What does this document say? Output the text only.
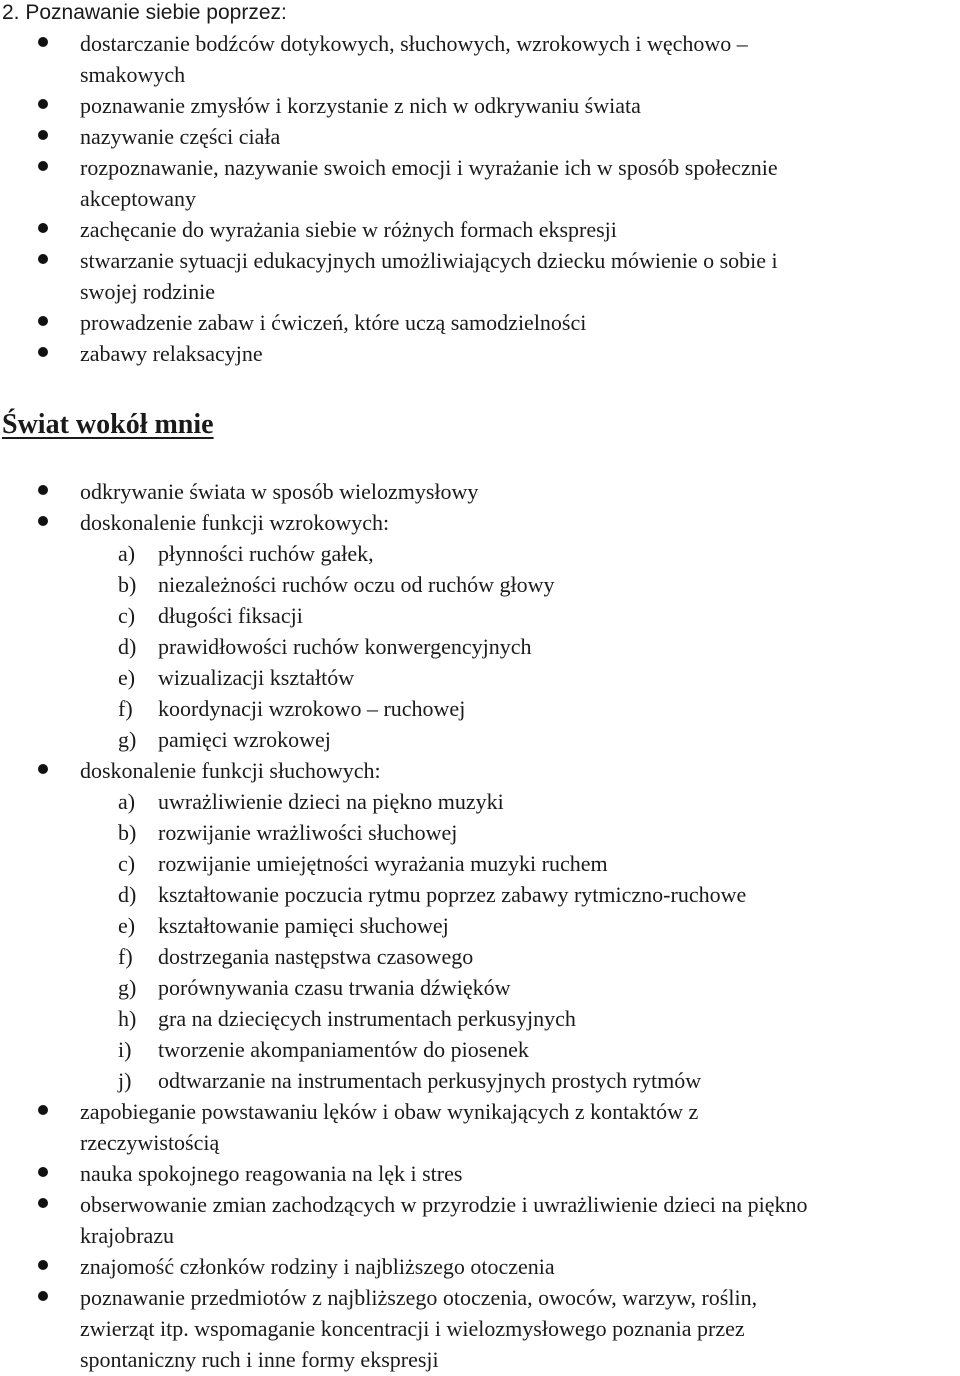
2. Poznawanie siebie poprzez:
dostarczanie bodźców dotykowych, słuchowych, wzrokowych i węchowo –
smakowych
poznawanie zmysłów i korzystanie z nich w odkrywaniu świata
nazywanie części ciała
rozpoznawanie, nazywanie swoich emocji i wyrażanie ich w sposób społecznie
akceptowany
zachęcanie do wyrażania siebie w różnych formach ekspresji
stwarzanie sytuacji edukacyjnych umożliwiających dziecku mówienie o sobie i
swojej rodzinie
prowadzenie zabaw i ćwiczeń, które uczą samodzielności
zabawy relaksacyjne
Świat wokół mnie
odkrywanie świata w sposób wielozmysłowy
doskonalenie funkcji wzrokowych:
a) płynności ruchów gałek,
b) niezależności ruchów oczu od ruchów głowy
c) długości fiksacji
d) prawidłowości ruchów konwergencyjnych
e) wizualizacji kształtów
f) koordynacji wzrokowo – ruchowej
g) pamięci wzrokowej
doskonalenie funkcji słuchowych:
a) uwrażliwienie dzieci na piękno muzyki
b) rozwijanie wrażliwości słuchowej
c) rozwijanie umiejętności wyrażania muzyki ruchem
d) kształtowanie poczucia rytmu poprzez zabawy rytmiczno-ruchowe
e) kształtowanie pamięci słuchowej
f) dostrzegania następstwa czasowego
g) porównywania czasu trwania dźwięków
h) gra na dziecięcych instrumentach perkusyjnych
i) tworzenie akompaniamentów do piosenek
j) odtwarzanie na instrumentach perkusyjnych prostych rytmów
zapobieganie powstawaniu lęków i obaw wynikających z kontaktów z
rzeczywistością
nauka spokojnego reagowania na lęk i stres
obserwowanie zmian zachodzących w przyrodzie i uwrażliwienie dzieci na piękno
krajobrazu
znajomość członków rodziny i najbliższego otoczenia
poznawanie przedmiotów z najbliższego otoczenia, owoców, warzyw, roślin,
zwierząt itp. wspomaganie koncentracji i wielozmysłowego poznania przez
spontaniczny ruch i inne formy ekspresji
